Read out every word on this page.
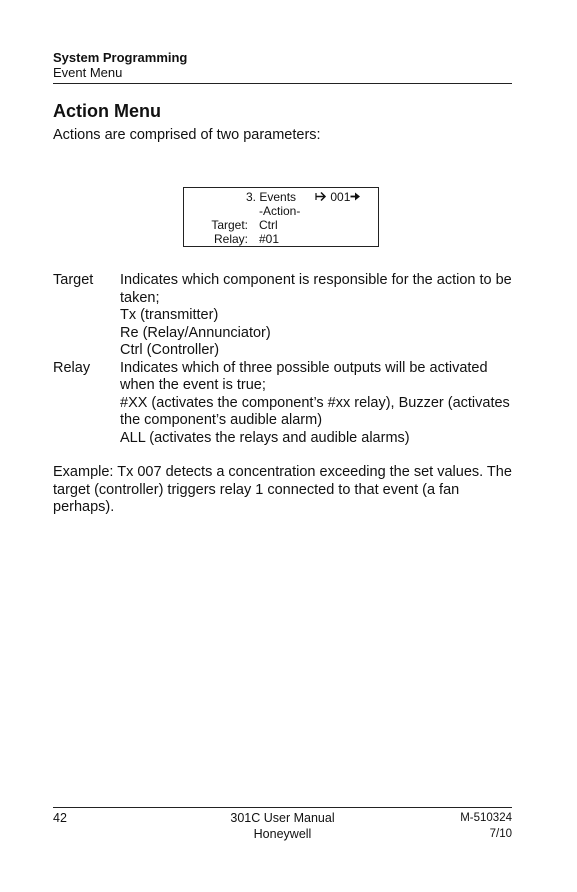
System Programming
Event Menu
Action Menu
Actions are comprised of two parameters:
3. Events	001
-Action-
Target: Ctrl
Relay: #01
Target Indicates which component is responsible for the action to be taken;
Tx (transmitter)
Re (Relay/Annunciator)
Ctrl (Controller)
Relay Indicates which of three possible outputs will be activated when the event is true;
#XX (activates the component’s #xx relay), Buzzer (activates the component’s audible alarm)
ALL (activates the relays and audible alarms)
Example: Tx 007 detects a concentration exceeding the set values. The target (controller) triggers relay 1 connected to that event (a fan perhaps).
42	301C User Manual
Honeywell
M-510324
7/10
